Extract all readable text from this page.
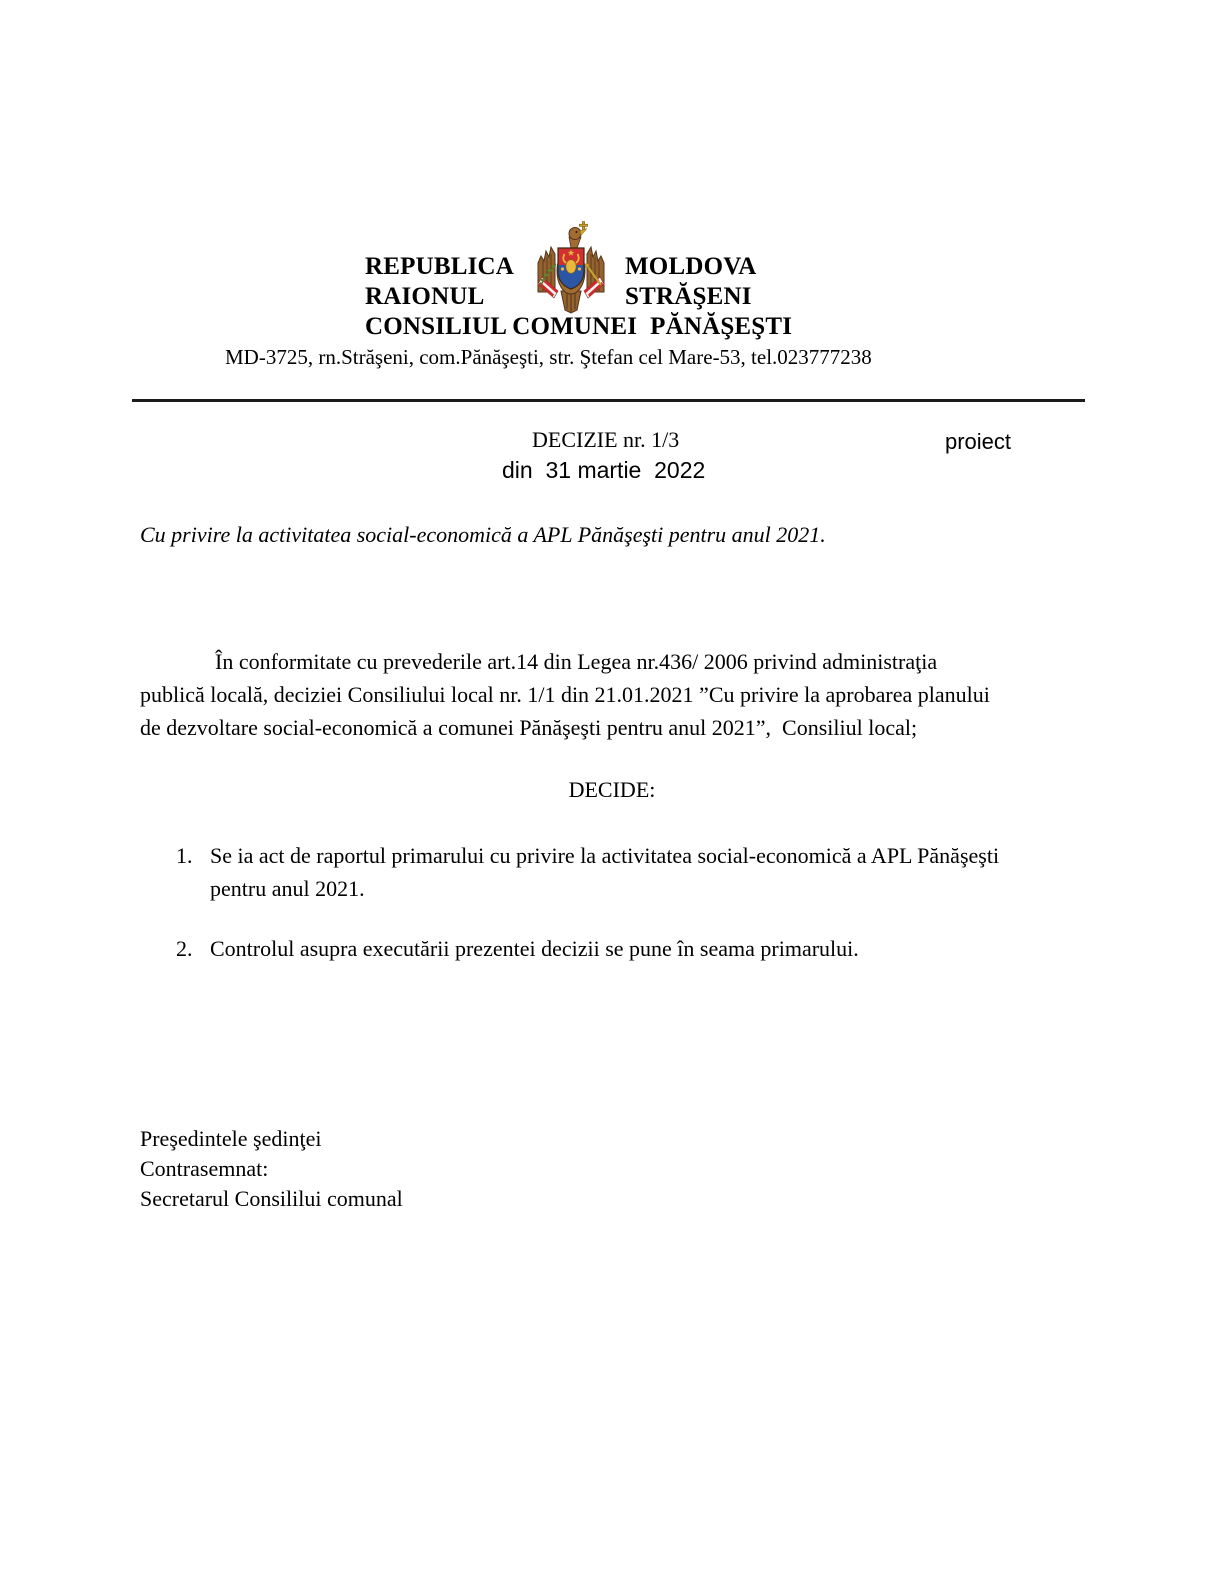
REPUBLICA	MOLDOVA
RAIONUL	STRĂŞENI
CONSILIUL COMUNEI  PĂNĂŞEŞTI
MD-3725, rn.Străşeni, com.Pănăşeşti, str. Ştefan cel Mare-53, tel.023777238
DECIZIE nr. 1/3	proiect
din  31 martie  2022
Cu privire la activitatea social-economică a APL Pănăşeşti pentru anul 2021.
În conformitate cu prevederile art.14 din Legea nr.436/ 2006 privind administraţia
publică locală, deciziei Consiliului local nr. 1/1 din 21.01.2021 ”Cu privire la aprobarea planului
de dezvoltare social-economică a comunei Pănăşeşti pentru anul 2021”,  Consiliul local;
DECIDE:
1. Se ia act de raportul primarului cu privire la activitatea social-economică a APL Pănăşeşti
pentru anul 2021.
2. Controlul asupra executării prezentei decizii se pune în seama primarului.
Preşedintele şedinţei
Contrasemnat:
Secretarul Consililui comunal
